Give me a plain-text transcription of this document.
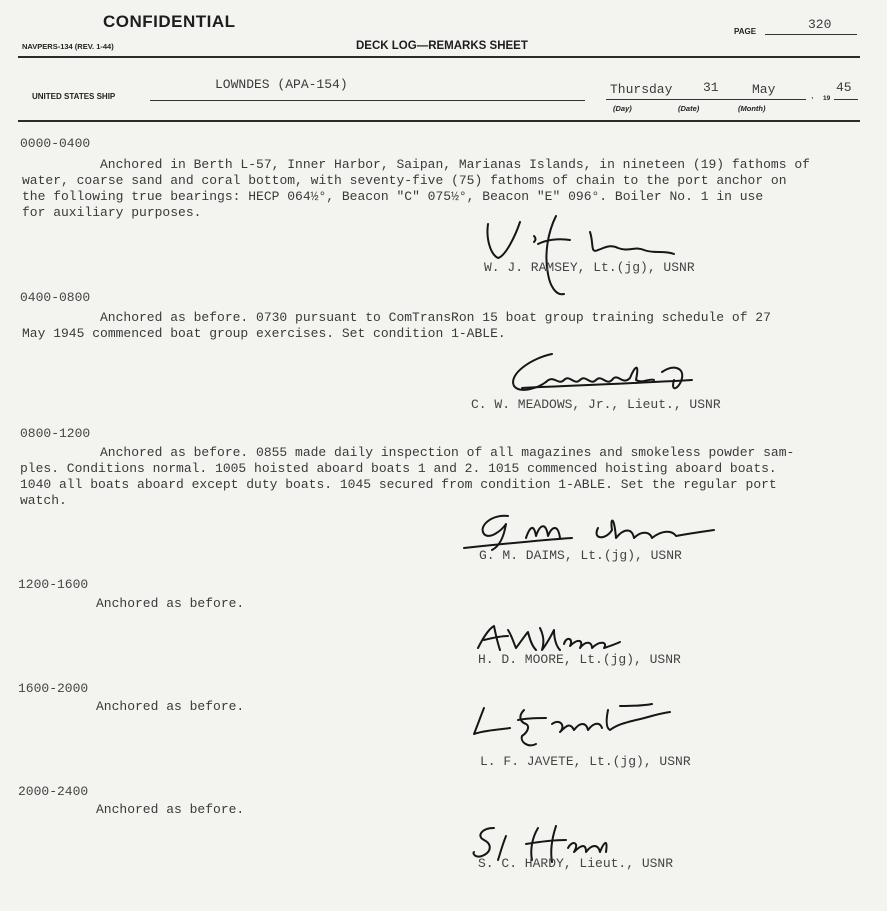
CONFIDENTIAL
NAVPERS-134 (REV. 1-44)	DECK LOG—REMARKS SHEET
PAGE	320
UNITED STATES SHIP
LOWNDES (APA-154)	Thursday 31	May	, 19
45
(Day)	(Date)	(Month)
0000-0400
Anchored in Berth L-57, Inner Harbor, Saipan, Marianas Islands, in nineteen (19) fathoms of
water, coarse sand and coral bottom, with seventy-five (75) fathoms of chain to the port anchor on
the following true bearings: HECP 064½°, Beacon "C" 075½°, Beacon "E" 096°. Boiler No. 1 in use
for auxiliary purposes.
W. J. RAMSEY, Lt.(jg), USNR
0400-0800
Anchored as before. 0730 pursuant to ComTransRon 15 boat group training schedule of 27
May 1945 commenced boat group exercises. Set condition 1-ABLE.
C. W. MEADOWS, Jr., Lieut., USNR
0800-1200
Anchored as before. 0855 made daily inspection of all magazines and smokeless powder sam-
ples. Conditions normal. 1005 hoisted aboard boats 1 and 2. 1015 commenced hoisting aboard boats.
1040 all boats aboard except duty boats. 1045 secured from condition 1-ABLE. Set the regular port
watch.
G. M. DAIMS, Lt.(jg), USNR
1200-1600
Anchored as before.
H. D. MOORE, Lt.(jg), USNR
1600-2000
Anchored as before.
L. F. JAVETE, Lt.(jg), USNR
2000-2400
Anchored as before.
S. C. HARDY, Lieut., USNR
